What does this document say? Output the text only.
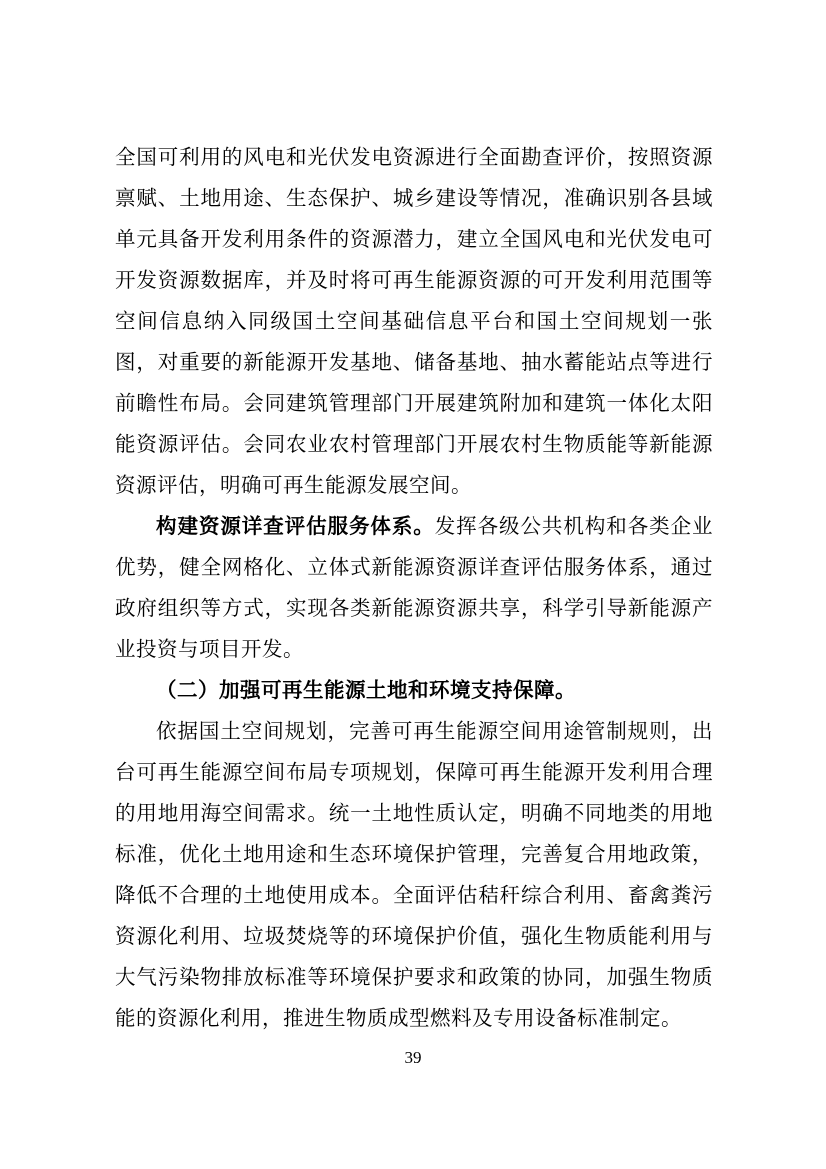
全国可利用的风电和光伏发电资源进行全面勘查评价，按照资源禀赋、土地用途、生态保护、城乡建设等情况，准确识别各县域单元具备开发利用条件的资源潜力，建立全国风电和光伏发电可开发资源数据库，并及时将可再生能源资源的可开发利用范围等空间信息纳入同级国土空间基础信息平台和国土空间规划一张图，对重要的新能源开发基地、储备基地、抽水蓄能站点等进行前瞻性布局。会同建筑管理部门开展建筑附加和建筑一体化太阳能资源评估。会同农业农村管理部门开展农村生物质能等新能源资源评估，明确可再生能源发展空间。

构建资源详查评估服务体系。发挥各级公共机构和各类企业优势，健全网格化、立体式新能源资源详查评估服务体系，通过政府组织等方式，实现各类新能源资源共享，科学引导新能源产业投资与项目开发。

（二）加强可再生能源土地和环境支持保障。

依据国土空间规划，完善可再生能源空间用途管制规则，出台可再生能源空间布局专项规划，保障可再生能源开发利用合理的用地用海空间需求。统一土地性质认定，明确不同地类的用地标准，优化土地用途和生态环境保护管理，完善复合用地政策，降低不合理的土地使用成本。全面评估秸秆综合利用、畜禽粪污资源化利用、垃圾焚烧等的环境保护价值，强化生物质能利用与大气污染物排放标准等环境保护要求和政策的协同，加强生物质能的资源化利用，推进生物质成型燃料及专用设备标准制定。

39
